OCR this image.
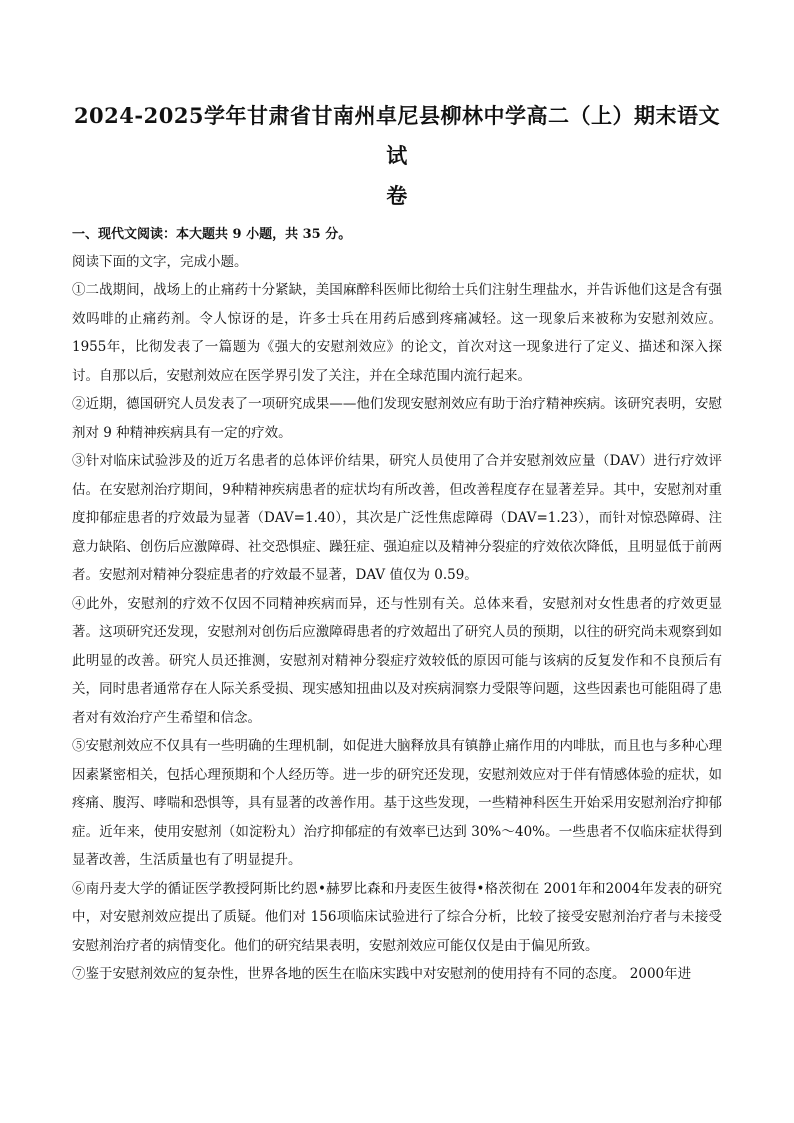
2024-2025学年甘肃省甘南州卓尼县柳林中学高二（上）期末语文试
卷

一、现代文阅读：本大题共 9 小题，共 35 分。

阅读下面的文字，完成小题。

①二战期间，战场上的止痛药十分紧缺，美国麻醉科医师比彻给士兵们注射生理盐水，并告诉他们这是含有强效吗啡的止痛药剂。令人惊讶的是，许多士兵在用药后感到疼痛减轻。这一现象后来被称为安慰剂效应。 1955年，比彻发表了一篇题为《强大的安慰剂效应》的论文，首次对这一现象进行了定义、描述和深入探讨。自那以后，安慰剂效应在医学界引发了关注，并在全球范围内流行起来。

②近期，德国研究人员发表了一项研究成果——他们发现安慰剂效应有助于治疗精神疾病。该研究表明，安慰剂对 9 种精神疾病具有一定的疗效。

③针对临床试验涉及的近万名患者的总体评价结果，研究人员使用了合并安慰剂效应量（DAV）进行疗效评估。在安慰剂治疗期间，9种精神疾病患者的症状均有所改善，但改善程度存在显著差异。其中，安慰剂对重度抑郁症患者的疗效最为显著（DAV=1.40），其次是广泛性焦虑障碍（DAV=1.23），而针对惊恐障碍、注意力缺陷、创伤后应激障碍、社交恐惧症、躁狂症、强迫症以及精神分裂症的疗效依次降低，且明显低于前两者。安慰剂对精神分裂症患者的疗效最不显著，DAV 值仅为 0.59。

④此外，安慰剂的疗效不仅因不同精神疾病而异，还与性别有关。总体来看，安慰剂对女性患者的疗效更显著。这项研究还发现，安慰剂对创伤后应激障碍患者的疗效超出了研究人员的预期，以往的研究尚未观察到如此明显的改善。研究人员还推测，安慰剂对精神分裂症疗效较低的原因可能与该病的反复发作和不良预后有关，同时患者通常存在人际关系受损、现实感知扭曲以及对疾病洞察力受限等问题，这些因素也可能阻碍了患者对有效治疗产生希望和信念。

⑤安慰剂效应不仅具有一些明确的生理机制，如促进大脑释放具有镇静止痛作用的内啡肽，而且也与多种心理因素紧密相关，包括心理预期和个人经历等。进一步的研究还发现，安慰剂效应对于伴有情感体验的症状，如疼痛、腹泻、哮喘和恐惧等，具有显著的改善作用。基于这些发现，一些精神科医生开始采用安慰剂治疗抑郁症。近年来，使用安慰剂（如淀粉丸）治疗抑郁症的有效率已达到 30%～40%。一些患者不仅临床症状得到显著改善，生活质量也有了明显提升。

⑥南丹麦大学的循证医学教授阿斯比约恩•赫罗比森和丹麦医生彼得•格茨彻在 2001年和2004年发表的研究中，对安慰剂效应提出了质疑。他们对 156项临床试验进行了综合分析，比较了接受安慰剂治疗者与未接受安慰剂治疗者的病情变化。他们的研究结果表明，安慰剂效应可能仅仅是由于偏见所致。

⑦鉴于安慰剂效应的复杂性，世界各地的医生在临床实践中对安慰剂的使用持有不同的态度。 2000年进
